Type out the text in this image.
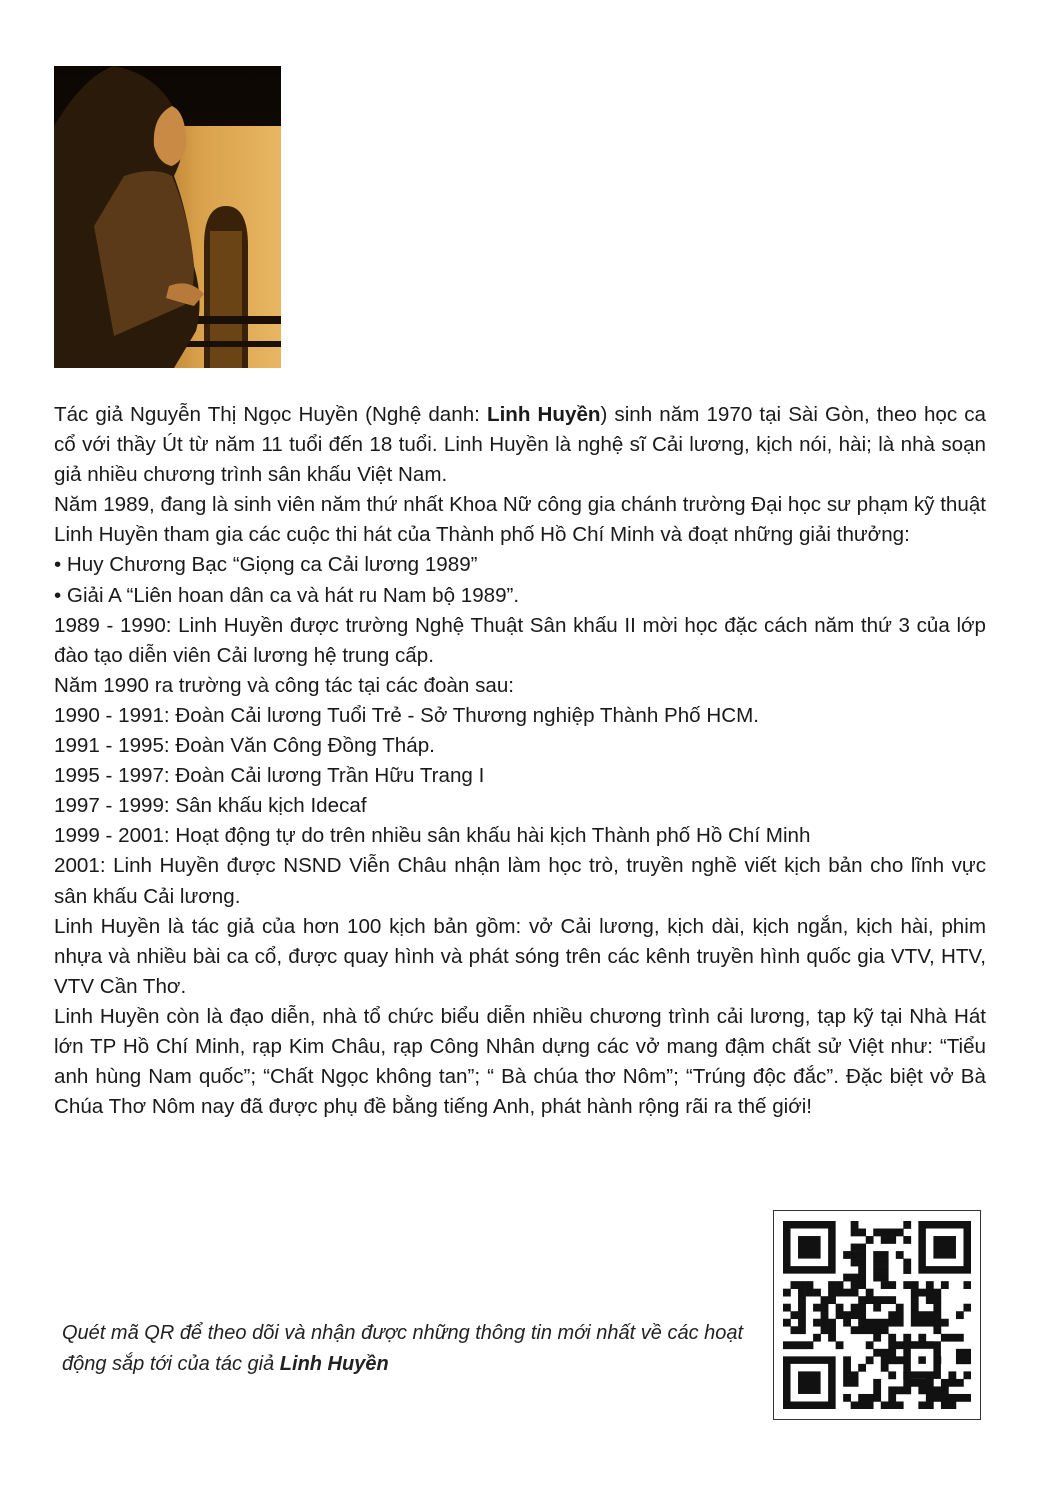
Tác giả Nguyễn Thị Ngọc Huyền (Nghệ danh: Linh Huyền) sinh năm 1970 tại Sài Gòn, theo học ca cổ với thầy Út từ năm 11 tuổi đến 18 tuổi. Linh Huyền là nghệ sĩ Cải lương, kịch nói, hài; là nhà soạn giả nhiều chương trình sân khấu Việt Nam.

Năm 1989, đang là sinh viên năm thứ nhất Khoa Nữ công gia chánh trường Đại học sư phạm kỹ thuật Linh Huyền tham gia các cuộc thi hát của Thành phố Hồ Chí Minh và đoạt những giải thưởng:

• Huy Chương Bạc “Giọng ca Cải lương 1989”

• Giải A “Liên hoan dân ca và hát ru Nam bộ 1989”.

1989 - 1990: Linh Huyền được trường Nghệ Thuật Sân khấu II mời học đặc cách năm thứ 3 của lớp đào tạo diễn viên Cải lương hệ trung cấp.

Năm 1990 ra trường và công tác tại các đoàn sau:

1990 - 1991: Đoàn Cải lương Tuổi Trẻ - Sở Thương nghiệp Thành Phố HCM.

1991 - 1995: Đoàn Văn Công Đồng Tháp.

1995 - 1997: Đoàn Cải lương Trần Hữu Trang I

1997 - 1999: Sân khấu kịch Idecaf

1999 - 2001: Hoạt động tự do trên nhiều sân khấu hài kịch Thành phố Hồ Chí Minh

2001: Linh Huyền được NSND Viễn Châu nhận làm học trò, truyền nghề viết kịch bản cho lĩnh vực sân khấu Cải lương.

Linh Huyền là tác giả của hơn 100 kịch bản gồm: vở Cải lương, kịch dài, kịch ngắn, kịch hài, phim nhựa và nhiều bài ca cổ, được quay hình và phát sóng trên các kênh truyền hình quốc gia VTV, HTV, VTV Cần Thơ.

Linh Huyền còn là đạo diễn, nhà tổ chức biểu diễn nhiều chương trình cải lương, tạp kỹ tại Nhà Hát lớn TP Hồ Chí Minh, rạp Kim Châu, rạp Công Nhân dựng các vở mang đậm chất sử Việt như: “Tiểu anh hùng Nam quốc”; “Chất Ngọc không tan”; “ Bà chúa thơ Nôm”; “Trúng độc đắc”. Đặc biệt vở Bà Chúa Thơ Nôm nay đã được phụ đề bằng tiếng Anh, phát hành rộng rãi ra thế giới!

Quét mã QR để theo dõi và nhận được những thông tin mới nhất về các hoạt động sắp tới của tác giả Linh Huyền
